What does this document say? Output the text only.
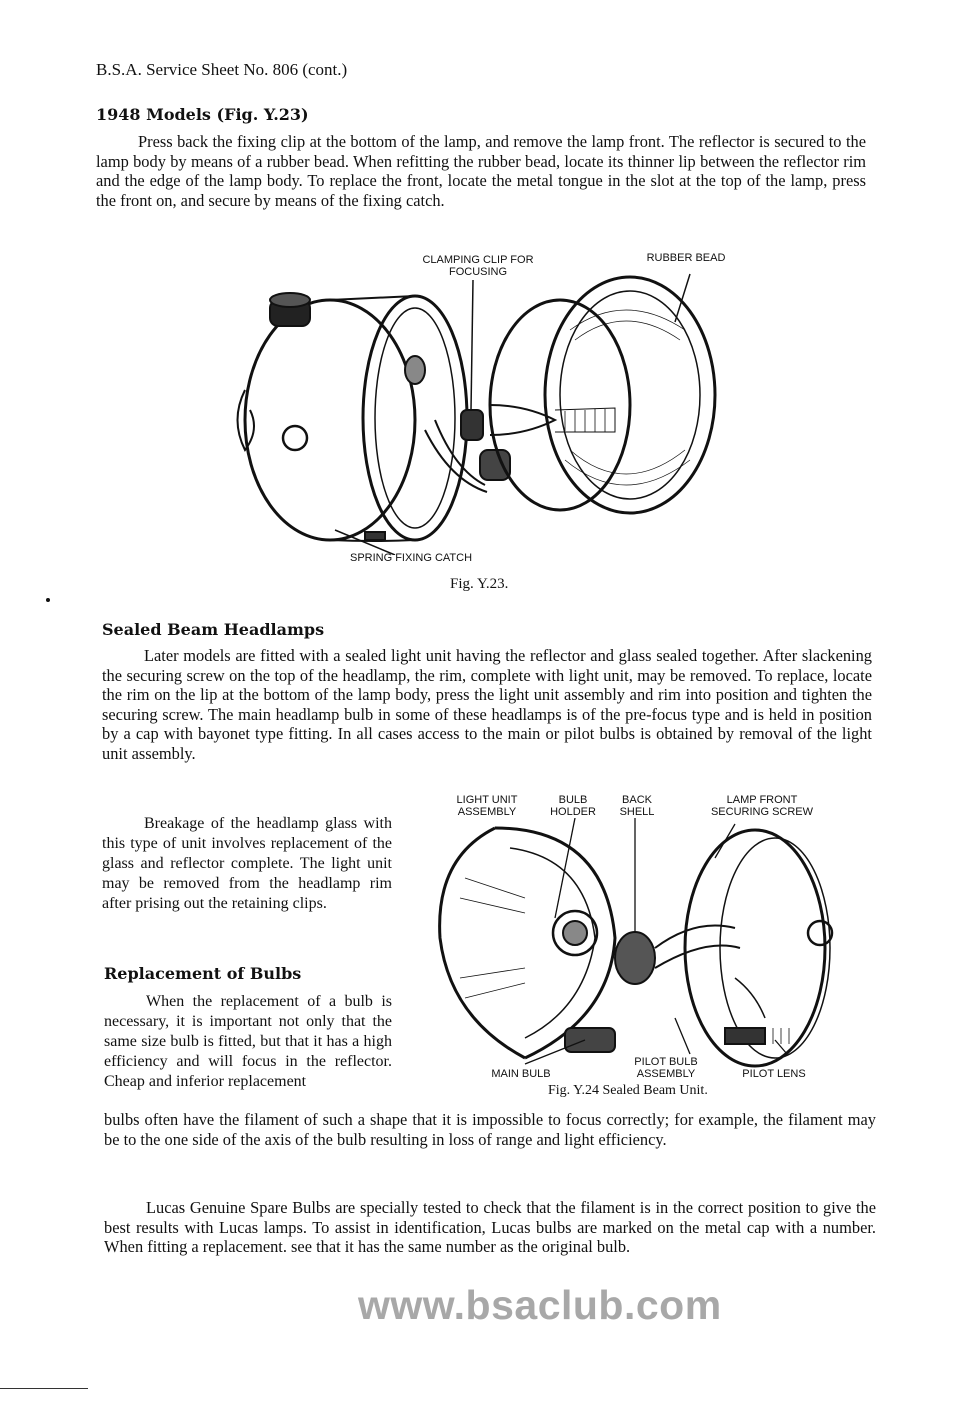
B.S.A. Service Sheet No. 806 (cont.)
1948 Models (Fig. Y.23)

Press back the fixing clip at the bottom of the lamp, and remove the lamp front. The reflector is secured to the lamp body by means of a rubber bead. When refitting the rubber bead, locate its thinner lip between the reflector rim and the edge of the lamp body. To replace the front, locate the metal tongue in the slot at the top of the lamp, press the front on, and secure by means of the fixing catch.

CLAMPING CLIP FOR FOCUSING
RUBBER BEAD
SPRING FIXING CATCH
Fig. Y.23.
Sealed Beam Headlamps

Later models are fitted with a sealed light unit having the reflector and glass sealed together. After slackening the securing screw on the top of the headlamp, the rim, complete with light unit, may be removed. To replace, locate the rim on the lip at the bottom of the lamp body, press the light unit assembly and rim into position and tighten the securing screw. The main headlamp bulb in some of these headlamps is of the pre-focus type and is held in position by a cap with bayonet type fitting. In all cases access to the main or pilot bulbs is obtained by removal of the light unit assembly.

LIGHT UNIT ASSEMBLY
BULB HOLDER
BACK SHELL
LAMP FRONT SECURING SCREW

Breakage of the headlamp glass with this type of unit involves replacement of the glass and reflector complete. The light unit may be removed from the headlamp rim after prising out the retaining clips.

Replacement of Bulbs

When the replacement of a bulb is necessary, it is important not only that the same size bulb is fitted, but that it has a high efficiency and will focus in the reflector. Cheap and inferior replacement	MAIN BULB
PILOT BULB ASSEMBLY	PILOT LENS
Fig. Y.24 Sealed Beam Unit.

bulbs often have the filament of such a shape that it is impossible to focus correctly; for example, the filament may be to the one side of the axis of the bulb resulting in loss of range and light efficiency.

Lucas Genuine Spare Bulbs are specially tested to check that the filament is in the correct position to give the best results with Lucas lamps. To assist in identification, Lucas bulbs are marked on the metal cap with a number. When fitting a replacement. see that it has the same number as the original bulb.

www.bsaclub.com
